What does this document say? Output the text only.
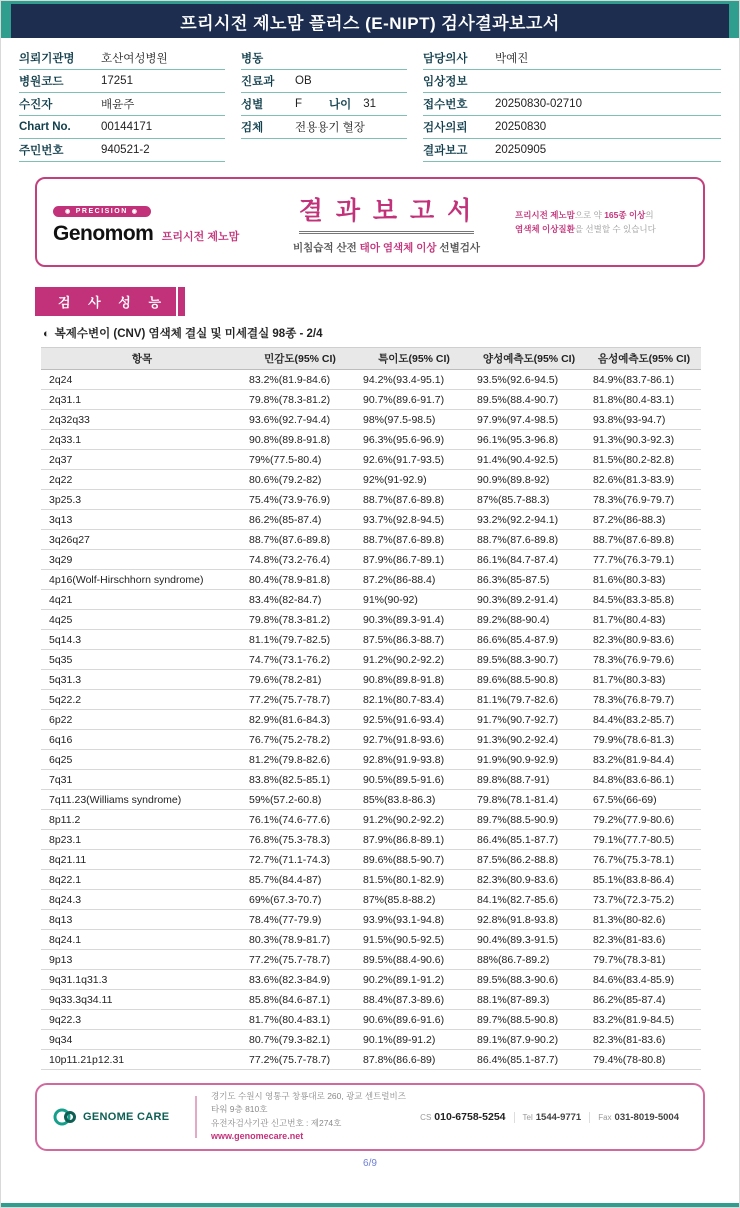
프리시전 제노맘 플러스 (E-NIPT) 검사결과보고서
의뢰기관명	호산여성병원
병원코드	17251
수진자	배윤주
Chart No.	00144171
주민번호	940521-2
병동
진료과	OB
성별	F	나이 31
검체	전용용기 혈장
담당의사	박예진
임상정보
접수번호	20250830-02710
검사의뢰	20250830
결과보고	20250905
◉ PRECISION ◉
Genomom 프리시전 제노맘
결 과 보 고 서
비침습적 산전 태아 염색체 이상 선별검사
프리시전 제노맘으로 약 165종 이상의
염색체 이상질환을 선별할 수 있습니다
검 사 성 능
◐ 복제수변이 (CNV) 염색체 결실 및 미세결실 98종 - 2/4
항목	민감도(95% CI)	특이도(95% CI)	양성예측도(95% CI)	음성예측도(95% CI)
2q24	83.2%(81.9-84.6)	94.2%(93.4-95.1)	93.5%(92.6-94.5)	84.9%(83.7-86.1)
2q31.1	79.8%(78.3-81.2)	90.7%(89.6-91.7)	89.5%(88.4-90.7)	81.8%(80.4-83.1)
2q32q33	93.6%(92.7-94.4)	98%(97.5-98.5)	97.9%(97.4-98.5)	93.8%(93-94.7)
2q33.1	90.8%(89.8-91.8)	96.3%(95.6-96.9)	96.1%(95.3-96.8)	91.3%(90.3-92.3)
2q37	79%(77.5-80.4)	92.6%(91.7-93.5)	91.4%(90.4-92.5)	81.5%(80.2-82.8)
2q22	80.6%(79.2-82)	92%(91-92.9)	90.9%(89.8-92)	82.6%(81.3-83.9)
3p25.3	75.4%(73.9-76.9)	88.7%(87.6-89.8)	87%(85.7-88.3)	78.3%(76.9-79.7)
3q13	86.2%(85-87.4)	93.7%(92.8-94.5)	93.2%(92.2-94.1)	87.2%(86-88.3)
3q26q27	88.7%(87.6-89.8)	88.7%(87.6-89.8)	88.7%(87.6-89.8)	88.7%(87.6-89.8)
3q29	74.8%(73.2-76.4)	87.9%(86.7-89.1)	86.1%(84.7-87.4)	77.7%(76.3-79.1)
4p16(Wolf-Hirschhorn syndrome)	80.4%(78.9-81.8)	87.2%(86-88.4)	86.3%(85-87.5)	81.6%(80.3-83)
4q21	83.4%(82-84.7)	91%(90-92)	90.3%(89.2-91.4)	84.5%(83.3-85.8)
4q25	79.8%(78.3-81.2)	90.3%(89.3-91.4)	89.2%(88-90.4)	81.7%(80.4-83)
5q14.3	81.1%(79.7-82.5)	87.5%(86.3-88.7)	86.6%(85.4-87.9)	82.3%(80.9-83.6)
5q35	74.7%(73.1-76.2)	91.2%(90.2-92.2)	89.5%(88.3-90.7)	78.3%(76.9-79.6)
5q31.3	79.6%(78.2-81)	90.8%(89.8-91.8)	89.6%(88.5-90.8)	81.7%(80.3-83)
5q22.2	77.2%(75.7-78.7)	82.1%(80.7-83.4)	81.1%(79.7-82.6)	78.3%(76.8-79.7)
6p22	82.9%(81.6-84.3)	92.5%(91.6-93.4)	91.7%(90.7-92.7)	84.4%(83.2-85.7)
6q16	76.7%(75.2-78.2)	92.7%(91.8-93.6)	91.3%(90.2-92.4)	79.9%(78.6-81.3)
6q25	81.2%(79.8-82.6)	92.8%(91.9-93.8)	91.9%(90.9-92.9)	83.2%(81.9-84.4)
7q31	83.8%(82.5-85.1)	90.5%(89.5-91.6)	89.8%(88.7-91)	84.8%(83.6-86.1)
7q11.23(Williams syndrome)	59%(57.2-60.8)	85%(83.8-86.3)	79.8%(78.1-81.4)	67.5%(66-69)
8p11.2	76.1%(74.6-77.6)	91.2%(90.2-92.2)	89.7%(88.5-90.9)	79.2%(77.9-80.6)
8p23.1	76.8%(75.3-78.3)	87.9%(86.8-89.1)	86.4%(85.1-87.7)	79.1%(77.7-80.5)
8q21.11	72.7%(71.1-74.3)	89.6%(88.5-90.7)	87.5%(86.2-88.8)	76.7%(75.3-78.1)
8q22.1	85.7%(84.4-87)	81.5%(80.1-82.9)	82.3%(80.9-83.6)	85.1%(83.8-86.4)
8q24.3	69%(67.3-70.7)	87%(85.8-88.2)	84.1%(82.7-85.6)	73.7%(72.3-75.2)
8q13	78.4%(77-79.9)	93.9%(93.1-94.8)	92.8%(91.8-93.8)	81.3%(80-82.6)
8q24.1	80.3%(78.9-81.7)	91.5%(90.5-92.5)	90.4%(89.3-91.5)	82.3%(81-83.6)
9p13	77.2%(75.7-78.7)	89.5%(88.4-90.6)	88%(86.7-89.2)	79.7%(78.3-81)
9q31.1q31.3	83.6%(82.3-84.9)	90.2%(89.1-91.2)	89.5%(88.3-90.6)	84.6%(83.4-85.9)
9q33.3q34.11	85.8%(84.6-87.1)	88.4%(87.3-89.6)	88.1%(87-89.3)	86.2%(85-87.4)
9q22.3	81.7%(80.4-83.1)	90.6%(89.6-91.6)	89.7%(88.5-90.8)	83.2%(81.9-84.5)
9q34	80.7%(79.3-82.1)	90.1%(89-91.2)	89.1%(87.9-90.2)	82.3%(81-83.6)
10p11.21p12.31	77.2%(75.7-78.7)	87.8%(86.6-89)	86.4%(85.1-87.7)	79.4%(78-80.8)
GENOME CARE
경기도 수원시 영통구 창룡대로 260, 광교 센트럴비즈타워 9층 810호
유전자검사기관 신고번호 : 제274호
www.genomecare.net
CS 010-6758-5254	Tel 1544-9771	Fax 031-8019-5004
6/9
